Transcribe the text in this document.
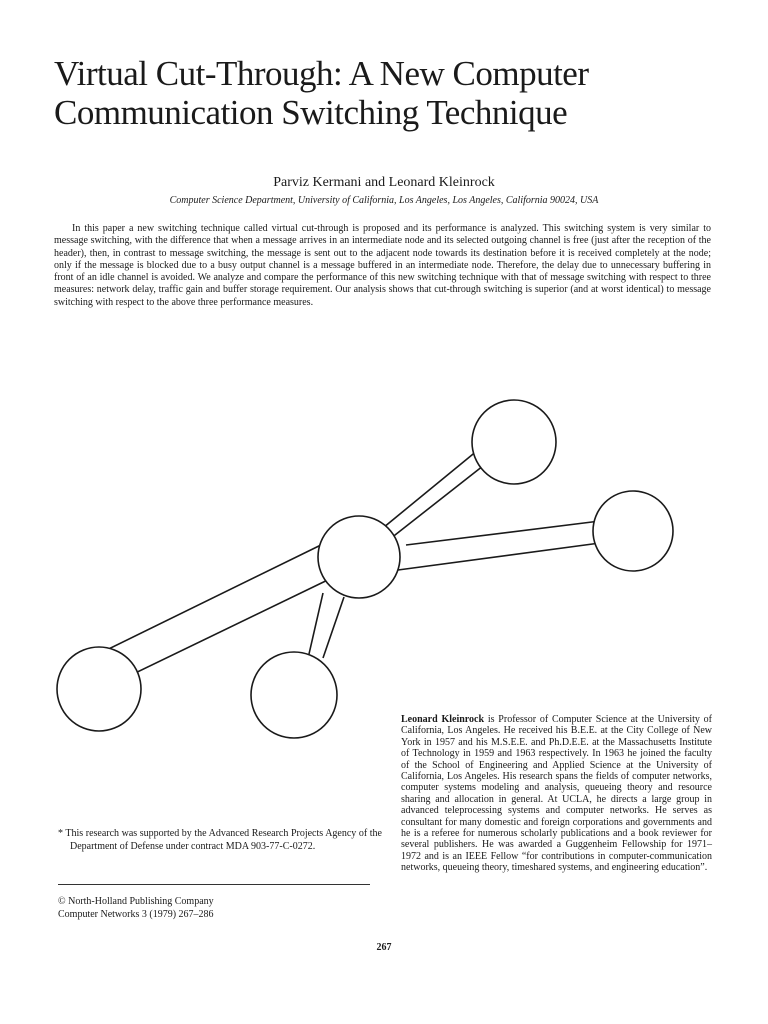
Virtual Cut-Through: A New Computer
Communication Switching Technique
Parviz Kermani and Leonard Kleinrock
Computer Science Department, University of California, Los Angeles, Los Angeles, California 90024, USA

In this paper a new switching technique called virtual cut-through is proposed and its performance is analyzed. This switching system is very similar to message switching, with the difference that when a message arrives in an intermediate node and its selected outgoing channel is free (just after the reception of the header), then, in contrast to message switching, the message is sent out to the adjacent node towards its destination before it is received completely at the node; only if the message is blocked due to a busy output channel is a message buffered in an intermediate node. Therefore, the delay due to unnecessary buffering in front of an idle channel is avoided. We analyze and compare the performance of this new switching technique with that of message switching with respect to three measures: network delay, traffic gain and buffer storage requirement. Our analysis shows that cut-through switching is superior (and at worst identical) to message switching with respect to the above three performance measures.

* This research was supported by the Advanced Research Projects Agency of the Department of Defense under contract MDA 903-77-C-0272.

© North-Holland Publishing Company
Computer Networks 3 (1979) 267–286

Leonard Kleinrock is Professor of Computer Science at the University of California, Los Angeles. He received his B.E.E. at the City College of New York in 1957 and his M.S.E.E. and Ph.D.E.E. at the Massachusetts Institute of Technology in 1959 and 1963 respectively. In 1963 he joined the faculty of the School of Engineering and Applied Science at the University of California, Los Angeles. His research spans the fields of computer networks, computer systems modeling and analysis, queueing theory and resource sharing and allocation in general. At UCLA, he directs a large group in advanced teleprocessing systems and computer networks. He serves as consultant for many domestic and foreign corporations and governments and he is a referee for numerous scholarly publications and a book reviewer for several publishers. He was awarded a Guggenheim Fellowship for 1971–1972 and is an IEEE Fellow “for contributions in computer-communication networks, queueing theory, timeshared systems, and engineering education”.

267
